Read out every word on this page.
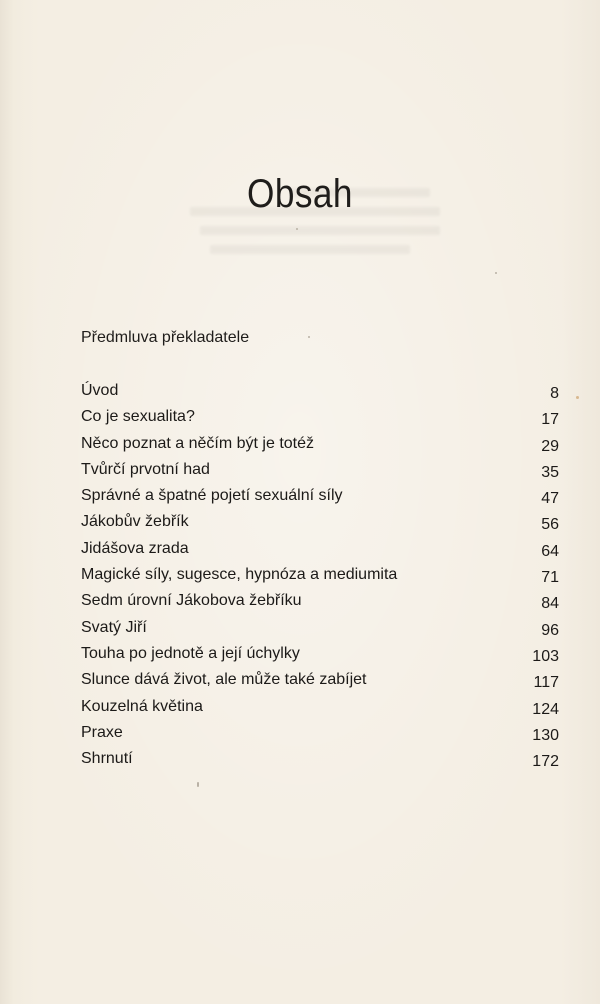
Obsah
Předmluva překladatele
Úvod	8
Co je sexualita?	17
Něco poznat a něčím být je totéž	29
Tvůrčí prvotní had	35
Správné a špatné pojetí sexuální síly	47
Jákobův žebřík	56
Jidášova zrada	64
Magické síly, sugesce, hypnóza a mediumita	71
Sedm úrovní Jákobova žebříku	84
Svatý Jiří	96
Touha po jednotě a její úchylky	103
Slunce dává život, ale může také zabíjet	117
Kouzelná květina	124
Praxe	130
Shrnutí	172
